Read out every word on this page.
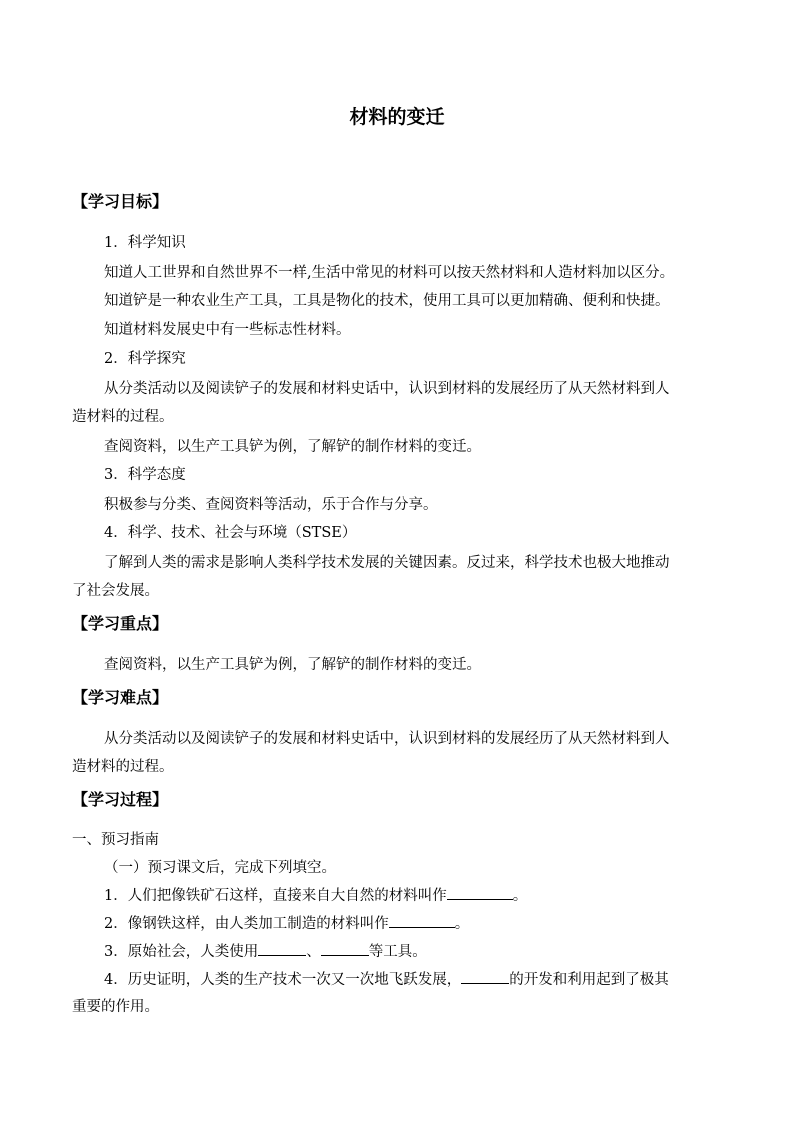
材料的变迁
【学习目标】
1．科学知识
知道人工世界和自然世界不一样,生活中常见的材料可以按天然材料和人造材料加以区分。
知道铲是一种农业生产工具，工具是物化的技术，使用工具可以更加精确、便利和快捷。
知道材料发展史中有一些标志性材料。
2．科学探究
从分类活动以及阅读铲子的发展和材料史话中，认识到材料的发展经历了从天然材料到人
造材料的过程。
查阅资料，以生产工具铲为例，了解铲的制作材料的变迁。
3．科学态度
积极参与分类、查阅资料等活动，乐于合作与分享。
4．科学、技术、社会与环境（STSE）
了解到人类的需求是影响人类科学技术发展的关键因素。反过来，科学技术也极大地推动
了社会发展。
【学习重点】
查阅资料，以生产工具铲为例，了解铲的制作材料的变迁。
【学习难点】
从分类活动以及阅读铲子的发展和材料史话中，认识到材料的发展经历了从天然材料到人
造材料的过程。
【学习过程】
一、预习指南
（一）预习课文后，完成下列填空。
1．人们把像铁矿石这样，直接来自大自然的材料叫作	。
2．像钢铁这样，由人类加工制造的材料叫作	。
3．原始社会，人类使用	、	等工具。
4．历史证明，人类的生产技术一次又一次地飞跃发展，	的开发和利用起到了极其
重要的作用。
